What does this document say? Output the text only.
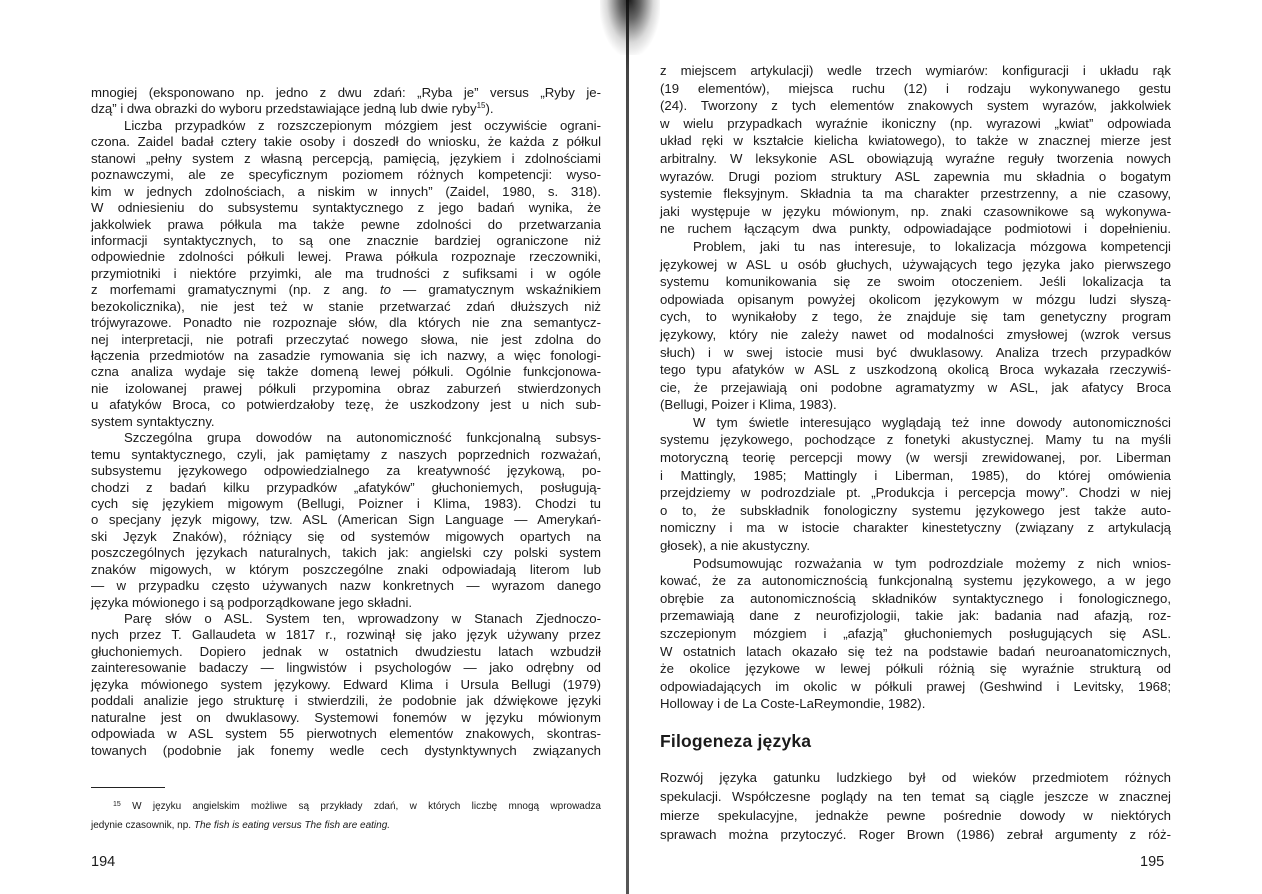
mnogiej (eksponowano np. jedno z dwu zdań: „Ryba je” versus „Ryby je-
dzą” i dwa obrazki do wyboru przedstawiające jedną lub dwie ryby$^{15}$).
Liczba przypadków z rozszczepionym mózgiem jest oczywiście ograni-
czona. Zaidel badał cztery takie osoby i doszedł do wniosku, że każda z półkul
stanowi „pełny system z własną percepcją, pamięcią, językiem i zdolnościami
poznawczymi, ale ze specyficznym poziomem różnych kompetencji: wyso-
kim w jednych zdolnościach, a niskim w innych” (Zaidel, 1980, s. 318).
W odniesieniu do subsystemu syntaktycznego z jego badań wynika, że
jakkolwiek prawa półkula ma także pewne zdolności do przetwarzania
informacji syntaktycznych, to są one znacznie bardziej ograniczone niż
odpowiednie zdolności półkuli lewej. Prawa półkula rozpoznaje rzeczowniki,
przymiotniki i niektóre przyimki, ale ma trudności z sufiksami i w ogóle
z morfemami gramatycznymi (np. z ang. to — gramatycznym wskaźnikiem
bezokolicznika), nie jest też w stanie przetwarzać zdań dłuższych niż
trójwyrazowe. Ponadto nie rozpoznaje słów, dla których nie zna semantycz-
nej interpretacji, nie potrafi przeczytać nowego słowa, nie jest zdolna do
łączenia przedmiotów na zasadzie rymowania się ich nazwy, a więc fonologi-
czna analiza wydaje się także domeną lewej półkuli. Ogólnie funkcjonowa-
nie izolowanej prawej półkuli przypomina obraz zaburzeń stwierdzonych
u afatyków Broca, co potwierdzałoby tezę, że uszkodzony jest u nich sub-
system syntaktyczny.
Szczególna grupa dowodów na autonomiczność funkcjonalną subsys-
temu syntaktycznego, czyli, jak pamiętamy z naszych poprzednich rozważań,
subsystemu językowego odpowiedzialnego za kreatywność językową, po-
chodzi z badań kilku przypadków „afatyków” głuchoniemych, posługują-
cych się językiem migowym (Bellugi, Poizner i Klima, 1983). Chodzi tu
o specjany język migowy, tzw. ASL (American Sign Language — Amerykań-
ski Język Znaków), różniący się od systemów migowych opartych na
poszczególnych językach naturalnych, takich jak: angielski czy polski system
znaków migowych, w którym poszczególne znaki odpowiadają literom lub
— w przypadku często używanych nazw konkretnych — wyrazom danego
języka mówionego i są podporządkowane jego składni.
Parę słów o ASL. System ten, wprowadzony w Stanach Zjednoczo-
nych przez T. Gallaudeta w 1817 r., rozwinął się jako język używany przez
głuchoniemych. Dopiero jednak w ostatnich dwudziestu latach wzbudził
zainteresowanie badaczy — lingwistów i psychologów — jako odrębny od
języka mówionego system językowy. Edward Klima i Ursula Bellugi (1979)
poddali analizie jego strukturę i stwierdzili, że podobnie jak dźwiękowe języki
naturalne jest on dwuklasowy. Systemowi fonemów w języku mówionym
odpowiada w ASL system 55 pierwotnych elementów znakowych, skontras-
towanych (podobnie jak fonemy wedle cech dystynktywnych związanych
$^{15}$ W języku angielskim możliwe są przykłady zdań, w których liczbę mnogą wprowadza
jedynie czasownik, np. The fish is eating versus The fish are eating.
194
z miejscem artykulacji) wedle trzech wymiarów: konfiguracji i układu rąk
(19 elementów), miejsca ruchu (12) i rodzaju wykonywanego gestu
(24). Tworzony z tych elementów znakowych system wyrazów, jakkolwiek
w wielu przypadkach wyraźnie ikoniczny (np. wyrazowi „kwiat” odpowiada
układ ręki w kształcie kielicha kwiatowego), to także w znacznej mierze jest
arbitralny. W leksykonie ASL obowiązują wyraźne reguły tworzenia nowych
wyrazów. Drugi poziom struktury ASL zapewnia mu składnia o bogatym
systemie fleksyjnym. Składnia ta ma charakter przestrzenny, a nie czasowy,
jaki występuje w języku mówionym, np. znaki czasownikowe są wykonywa-
ne ruchem łączącym dwa punkty, odpowiadające podmiotowi i dopełnieniu.
Problem, jaki tu nas interesuje, to lokalizacja mózgowa kompetencji
językowej w ASL u osób głuchych, używających tego języka jako pierwszego
systemu komunikowania się ze swoim otoczeniem. Jeśli lokalizacja ta
odpowiada opisanym powyżej okolicom językowym w mózgu ludzi słyszą-
cych, to wynikałoby z tego, że znajduje się tam genetyczny program
językowy, który nie zależy nawet od modalności zmysłowej (wzrok versus
słuch) i w swej istocie musi być dwuklasowy. Analiza trzech przypadków
tego typu afatyków w ASL z uszkodzoną okolicą Broca wykazała rzeczywiś-
cie, że przejawiają oni podobne agramatyzmy w ASL, jak afatycy Broca
(Bellugi, Poizer i Klima, 1983).
W tym świetle interesująco wyglądają też inne dowody autonomiczności
systemu językowego, pochodzące z fonetyki akustycznej. Mamy tu na myśli
motoryczną teorię percepcji mowy (w wersji zrewidowanej, por. Liberman
i Mattingly, 1985; Mattingly i Liberman, 1985), do której omówienia
przejdziemy w podrozdziale pt. „Produkcja i percepcja mowy”. Chodzi w niej
o to, że subskładnik fonologiczny systemu językowego jest także auto-
nomiczny i ma w istocie charakter kinestetyczny (związany z artykulacją
głosek), a nie akustyczny.
Podsumowując rozważania w tym podrozdziale możemy z nich wnios-
kować, że za autonomicznością funkcjonalną systemu językowego, a w jego
obrębie za autonomicznością składników syntaktycznego i fonologicznego,
przemawiają dane z neurofizjologii, takie jak: badania nad afazją, roz-
szczepionym mózgiem i „afazją” głuchoniemych posługujących się ASL.
W ostatnich latach okazało się też na podstawie badań neuroanatomicznych,
że okolice językowe w lewej półkuli różnią się wyraźnie strukturą od
odpowiadających im okolic w półkuli prawej (Geshwind i Levitsky, 1968;
Holloway i de La Coste-LaReymondie, 1982).
Filogeneza języka
Rozwój języka gatunku ludzkiego był od wieków przedmiotem różnych
spekulacji. Współczesne poglądy na ten temat są ciągle jeszcze w znacznej
mierze spekulacyjne, jednakże pewne pośrednie dowody w niektórych
sprawach można przytoczyć. Roger Brown (1986) zebrał argumenty z róż-
195
